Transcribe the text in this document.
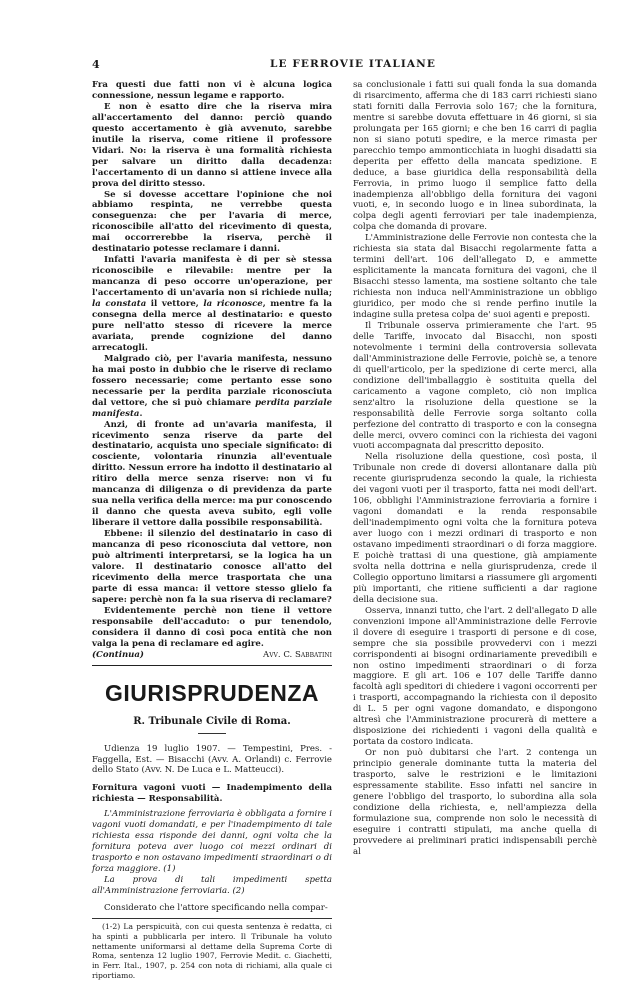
4	LE FERROVIE ITALIANE

Fra questi due fatti non vi è alcuna logica connessione, nessun legame e rapporto.

E non è esatto dire che la riserva mira all'accertamento del danno: perciò quando questo accertamento è già avvenuto, sarebbe inutile la riserva, come ritiene il professore Vidari. No: la riserva è una formalità richiesta per salvare un diritto dalla decadenza: l'accertamento di un danno si attiene invece alla prova del diritto stesso.

Se si dovesse accettare l'opinione che noi abbiamo respinta, ne verrebbe questa conseguenza: che per l'avaria di merce, riconoscibile all'atto del ricevimento di questa, mai occorrerebbe la riserva, perchè il destinatario potesse reclamare i danni.

Infatti l'avaria manifesta è di per sè stessa riconoscibile e rilevabile: mentre per la mancanza di peso occorre un'operazione, per l'accertamento di un'avaria non si richiede nulla; la constata il vettore, la riconosce, mentre fa la consegna della merce al destinatario: e questo pure nell'atto stesso di ricevere la merce avariata, prende cognizione del danno arrecatogli.

Malgrado ciò, per l'avaria manifesta, nessuno ha mai posto in dubbio che le riserve di reclamo fossero necessarie; come pertanto esse sono necessarie per la perdita parziale riconosciuta dal vettore, che si può chiamare perdita parziale manifesta.

Anzi, di fronte ad un'avaria manifesta, il ricevimento senza riserve da parte del destinatario, acquista uno speciale significato: di cosciente, volontaria rinunzia all'eventuale diritto. Nessun errore ha indotto il destinatario al ritiro della merce senza riserve: non vi fu mancanza di diligenza o di previdenza da parte sua nella verifica della merce: ma pur conoscendo il danno che questa aveva subìto, egli volle liberare il vettore dalla possibile responsabilità.

Ebbene: il silenzio del destinatario in caso di mancanza di peso riconosciuta dal vettore, non può altrimenti interpretarsi, se la logica ha un valore. Il destinatario conosce all'atto del ricevimento della merce trasportata che una parte di essa manca: il vettore stesso glielo fa sapere: perchè non fa la sua riserva di reclamare?

Evidentemente perchè non tiene il vettore responsabile dell'accaduto: o pur tenendolo, considera il danno di così poca entità che non valga la pena di reclamare ed agire.

(Continua)	Avv. C. Sabbatini
GIURISPRUDENZA
R. Tribunale Civile di Roma.

Udienza 19 luglio 1907. — Tempestini, Pres. - Faggella, Est. — Bisacchi (Avv. A. Orlandi) c. Ferrovie dello Stato (Avv. N. De Luca e L. Matteucci).

Fornitura vagoni vuoti — Inadempimento della richiesta — Responsabilità.

L'Amministrazione ferroviaria è obbligata a fornire i vagoni vuoti domandati, e per l'inadempimento di tale richiesta essa risponde dei danni, ogni volta che la fornitura poteva aver luogo coi mezzi ordinari di trasporto e non ostavano impedimenti straordinari o di forza maggiore. (1)

La prova di tali impedimenti spetta all'Amministrazione ferroviaria. (2)

Considerato che l'attore specificando nella compar-

(1-2) La perspicuità, con cui questa sentenza è redatta, ci ha spinti a pubblicarla per intero. Il Tribunale ha voluto nettamente uniformarsi al dettame della Suprema Corte di Roma, sentenza 12 luglio 1907, Ferrovie Medit. c. Giachetti, in Ferr. Ital., 1907, p. 254 con nota di richiami, alla quale ci riportiamo.

sa conclusionale i fatti sui quali fonda la sua domanda di risarcimento, afferma che di 183 carri richiesti siano stati forniti dalla Ferrovia solo 167; che la fornitura, mentre si sarebbe dovuta effettuare in 46 giorni, si sia prolungata per 165 giorni; e che ben 16 carri di paglia non si siano potuti spedire, e la merce rimasta per parecchio tempo ammonticchiata in luoghi disadatti sia deperita per effetto della mancata spedizione. E deduce, a base giuridica della responsabilità della Ferrovia, in primo luogo il semplice fatto della inadempienza all'obbligo della fornitura dei vagoni vuoti, e, in secondo luogo e in linea subordinata, la colpa degli agenti ferroviari per tale inadempienza, colpa che domanda di provare.

L'Amministrazione delle Ferrovie non contesta che la richiesta sia stata dal Bisacchi regolarmente fatta a termini dell'art. 106 dell'allegato D, e ammette esplicitamente la mancata fornitura dei vagoni, che il Bisacchi stesso lamenta, ma sostiene soltanto che tale richiesta non induca nell'Amministrazione un obbligo giuridico, per modo che si rende perfino inutile la indagine sulla pretesa colpa de' suoi agenti e preposti.

Il Tribunale osserva primieramente che l'art. 95 delle Tariffe, invocato dal Bisacchi, non sposti notevolmente i termini della controversia sollevata dall'Amministrazione delle Ferrovie, poichè se, a tenore di quell'articolo, per la spedizione di certe merci, alla condizione dell'imballaggio è sostituita quella del caricamento a vagone completo, ciò non implica senz'altro la risoluzione della questione se la responsabilità delle Ferrovie sorga soltanto colla perfezione del contratto di trasporto e con la consegna delle merci, ovvero cominci con la richiesta dei vagoni vuoti accompagnata dal prescritto deposito.

Nella risoluzione della questione, così posta, il Tribunale non crede di doversi allontanare dalla più recente giurisprudenza secondo la quale, la richiesta dei vagoni vuoti per il trasporto, fatta nei modi dell'art. 106, obblighi l'Amministrazione ferroviaria a fornire i vagoni domandati e la renda responsabile dell'inadempimento ogni volta che la fornitura poteva aver luogo con i mezzi ordinari di trasporto e non ostavano impedimenti straordinari o di forza maggiore. E poichè trattasi di una questione, già ampiamente svolta nella dottrina e nella giurisprudenza, crede il Collegio opportuno limitarsi a riassumere gli argomenti più importanti, che ritiene sufficienti a dar ragione della decisione sua.

Osserva, innanzi tutto, che l'art. 2 dell'allegato D alle convenzioni impone all'Amministrazione delle Ferrovie il dovere di eseguire i trasporti di persone e di cose, sempre che sia possibile provvedervi con i mezzi corrispondenti ai bisogni ordinariamente prevedibili e non ostino impedimenti straordinari o di forza maggiore. E gli art. 106 e 107 delle Tariffe danno facoltà agli speditori di chiedere i vagoni occorrenti per i trasporti, accompagnando la richiesta con il deposito di L. 5 per ogni vagone domandato, e dispongono altresì che l'Amministrazione procurerà di mettere a disposizione dei richiedenti i vagoni della qualità e portata da costoro indicata.

Or non può dubitarsi che l'art. 2 contenga un principio generale dominante tutta la materia del trasporto, salve le restrizioni e le limitazioni espressamente stabilite. Esso infatti nel sancire in genere l'obbligo del trasporto, lo subordina alla sola condizione della richiesta, e, nell'ampiezza della formulazione sua, comprende non solo le necessità di eseguire i contratti stipulati, ma anche quella di provvedere ai preliminari pratici indispensabili perchè al
